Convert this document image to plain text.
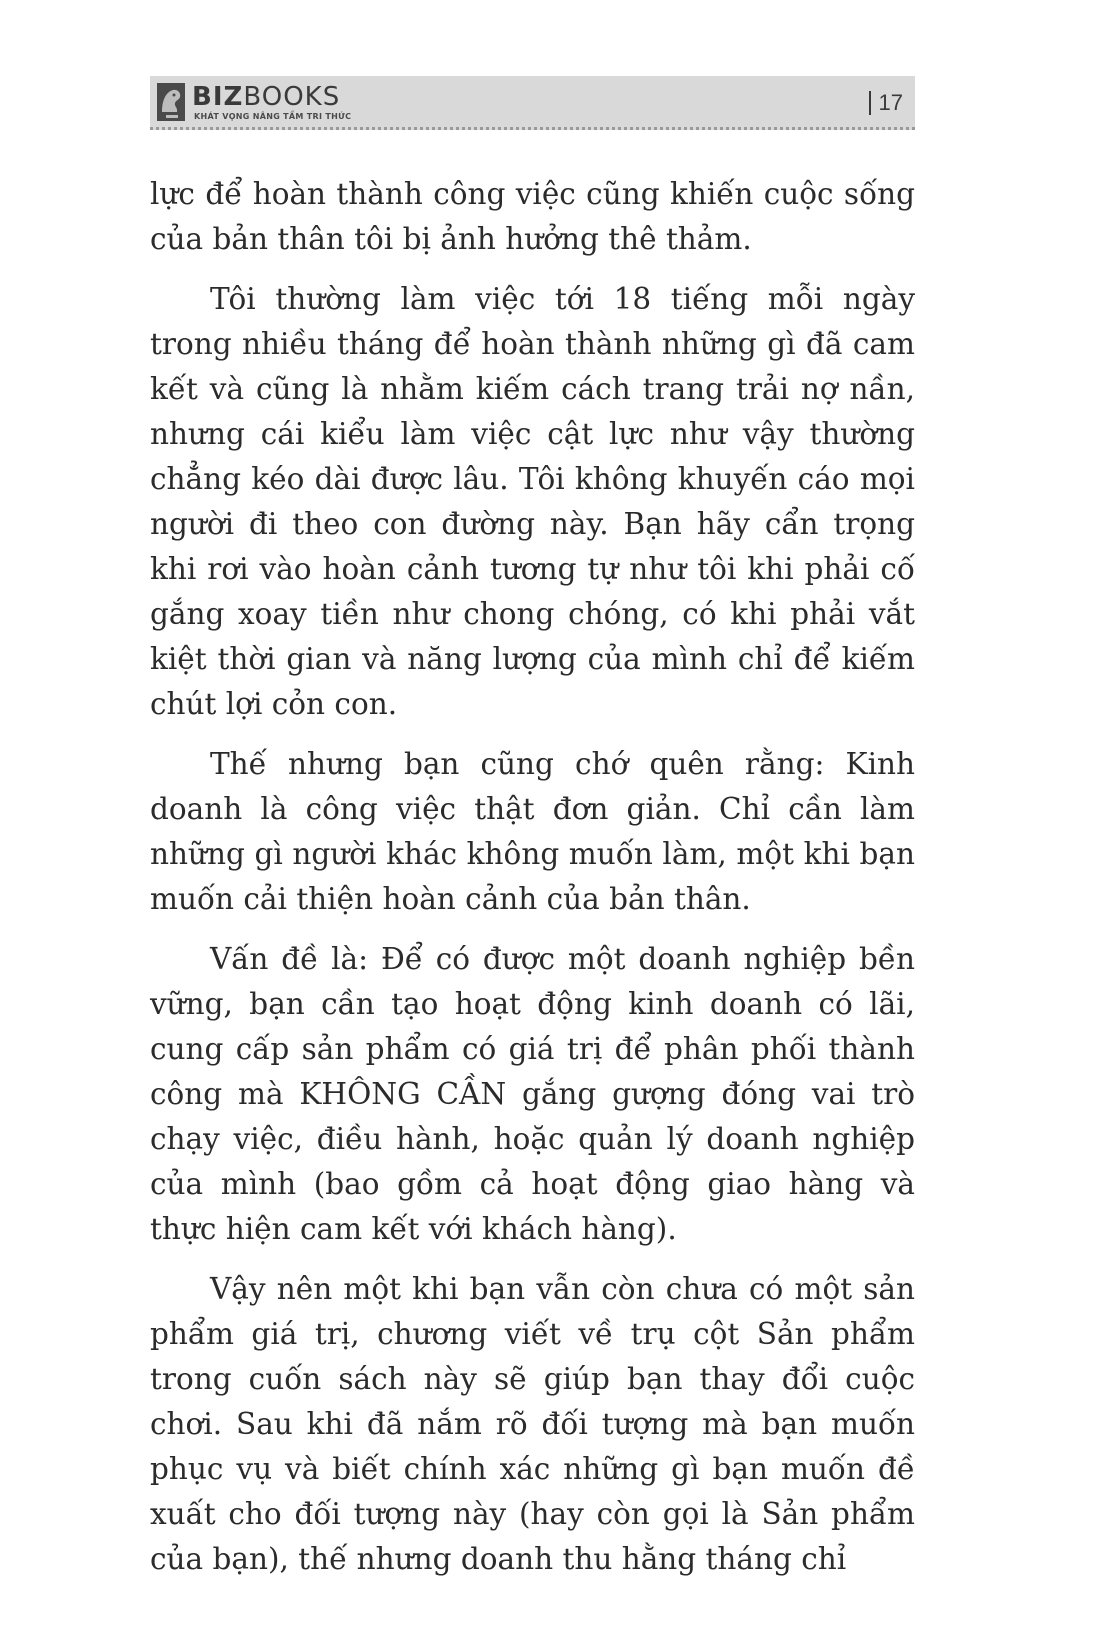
BIZBOOKS
KHÁT VỌNG NÂNG TẦM TRI THỨC
17

lực để hoàn thành công việc cũng khiến cuộc sống của bản thân tôi bị ảnh hưởng thê thảm.

Tôi thường làm việc tới 18 tiếng mỗi ngày trong nhiều tháng để hoàn thành những gì đã cam kết và cũng là nhằm kiếm cách trang trải nợ nần, nhưng cái kiểu làm việc cật lực như vậy thường chẳng kéo dài được lâu. Tôi không khuyến cáo mọi người đi theo con đường này. Bạn hãy cẩn trọng khi rơi vào hoàn cảnh tương tự như tôi khi phải cố gắng xoay tiền như chong chóng, có khi phải vắt kiệt thời gian và năng lượng của mình chỉ để kiếm chút lợi cỏn con.

Thế nhưng bạn cũng chớ quên rằng: Kinh doanh là công việc thật đơn giản. Chỉ cần làm những gì người khác không muốn làm, một khi bạn muốn cải thiện hoàn cảnh của bản thân.

Vấn đề là: Để có được một doanh nghiệp bền vững, bạn cần tạo hoạt động kinh doanh có lãi, cung cấp sản phẩm có giá trị để phân phối thành công mà KHÔNG CẦN gắng gượng đóng vai trò chạy việc, điều hành, hoặc quản lý doanh nghiệp của mình (bao gồm cả hoạt động giao hàng và thực hiện cam kết với khách hàng).

Vậy nên một khi bạn vẫn còn chưa có một sản phẩm giá trị, chương viết về trụ cột Sản phẩm trong cuốn sách này sẽ giúp bạn thay đổi cuộc chơi. Sau khi đã nắm rõ đối tượng mà bạn muốn phục vụ và biết chính xác những gì bạn muốn đề xuất cho đối tượng này (hay còn gọi là Sản phẩm của bạn), thế nhưng doanh thu hằng tháng chỉ
